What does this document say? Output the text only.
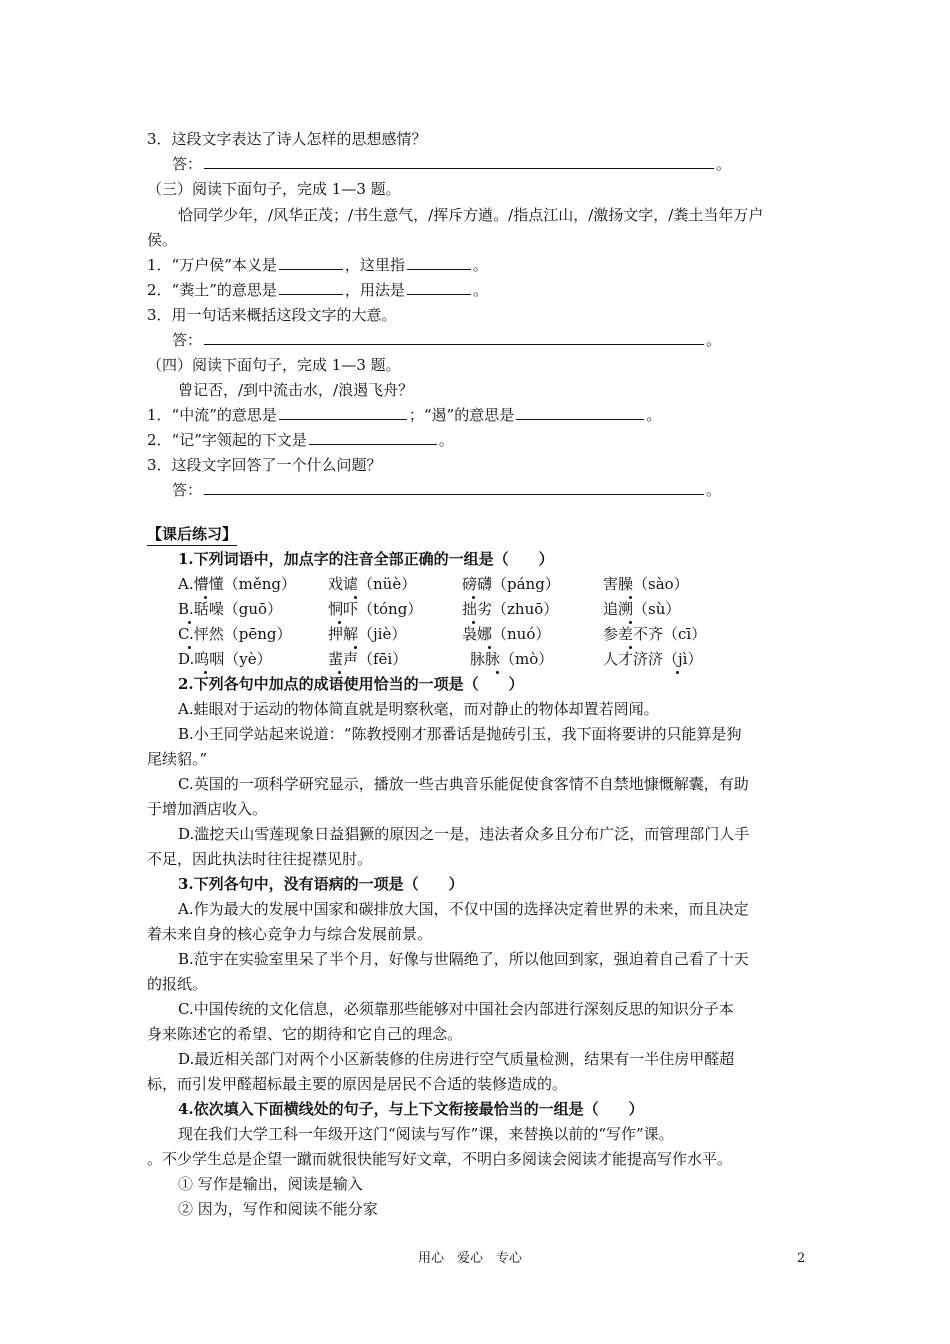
3．这段文字表达了诗人怎样的思想感情？
答：	。
（三）阅读下面句子，完成 1—3 题。
恰同学少年，/风华正茂；/书生意气，/挥斥方遒。/指点江山，/激扬文字，/粪土当年万户
侯。
1．“万户侯”本义是	，这里指	。
2．“粪土”的意思是	，用法是	。
3．用一句话来概括这段文字的大意。
答：	。
（四）阅读下面句子，完成 1—3 题。
曾记否，/到中流击水，/浪遏飞舟？
1．“中流”的意思是	；“遏”的意思是	。
2．“记”字领起的下文是	。
3．这段文字回答了一个什么问题？
答：	。
【课后练习】
1.下列词语中，加点字的注音全部正确的一组是（　　）
A.懵懂（měng） 戏谑（nüè）	磅礴（páng）	害臊（sào）
B.聒噪（guō）	恫吓（tóng）	拙劣（zhuō）	追溯（sù）
C.怦然（pēng） 押解（jiè）	袅娜（nuó）	参差不齐（cī）
D.呜咽（yè）	蜚声（fēi）	脉脉（mò）	人才济济（jì）
2.下列各句中加点的成语使用恰当的一项是（　　）
A.蛙眼对于运动的物体简直就是明察秋毫，而对静止的物体却置若罔闻。
B.小王同学站起来说道：“陈教授刚才那番话是抛砖引玉，我下面将要讲的只能算是狗
尾续貂。”
C.英国的一项科学研究显示，播放一些古典音乐能促使食客情不自禁地慷慨解囊，有助
于增加酒店收入。
D.滥挖天山雪莲现象日益猖獗的原因之一是，违法者众多且分布广泛，而管理部门人手
不足，因此执法时往往捉襟见肘。
3.下列各句中，没有语病的一项是（　　）
A.作为最大的发展中国家和碳排放大国，不仅中国的选择决定着世界的未来，而且决定
着未来自身的核心竞争力与综合发展前景。
B.范宇在实验室里呆了半个月，好像与世隔绝了，所以他回到家，强迫着自己看了十天
的报纸。
C.中国传统的文化信息，必须靠那些能够对中国社会内部进行深刻反思的知识分子本
身来陈述它的希望、它的期待和它自己的理念。
D.最近相关部门对两个小区新装修的住房进行空气质量检测，结果有一半住房甲醛超
标，而引发甲醛超标最主要的原因是居民不合适的装修造成的。
4.依次填入下面横线处的句子，与上下文衔接最恰当的一组是（　　）
现在我们大学工科一年级开这门“阅读与写作”课，来替换以前的“写作”课。
。不少学生总是企望一蹴而就很快能写好文章，不明白多阅读会阅读才能提高写作水平。
① 写作是输出，阅读是输入
② 因为，写作和阅读不能分家
用心　爱心　专心	2
